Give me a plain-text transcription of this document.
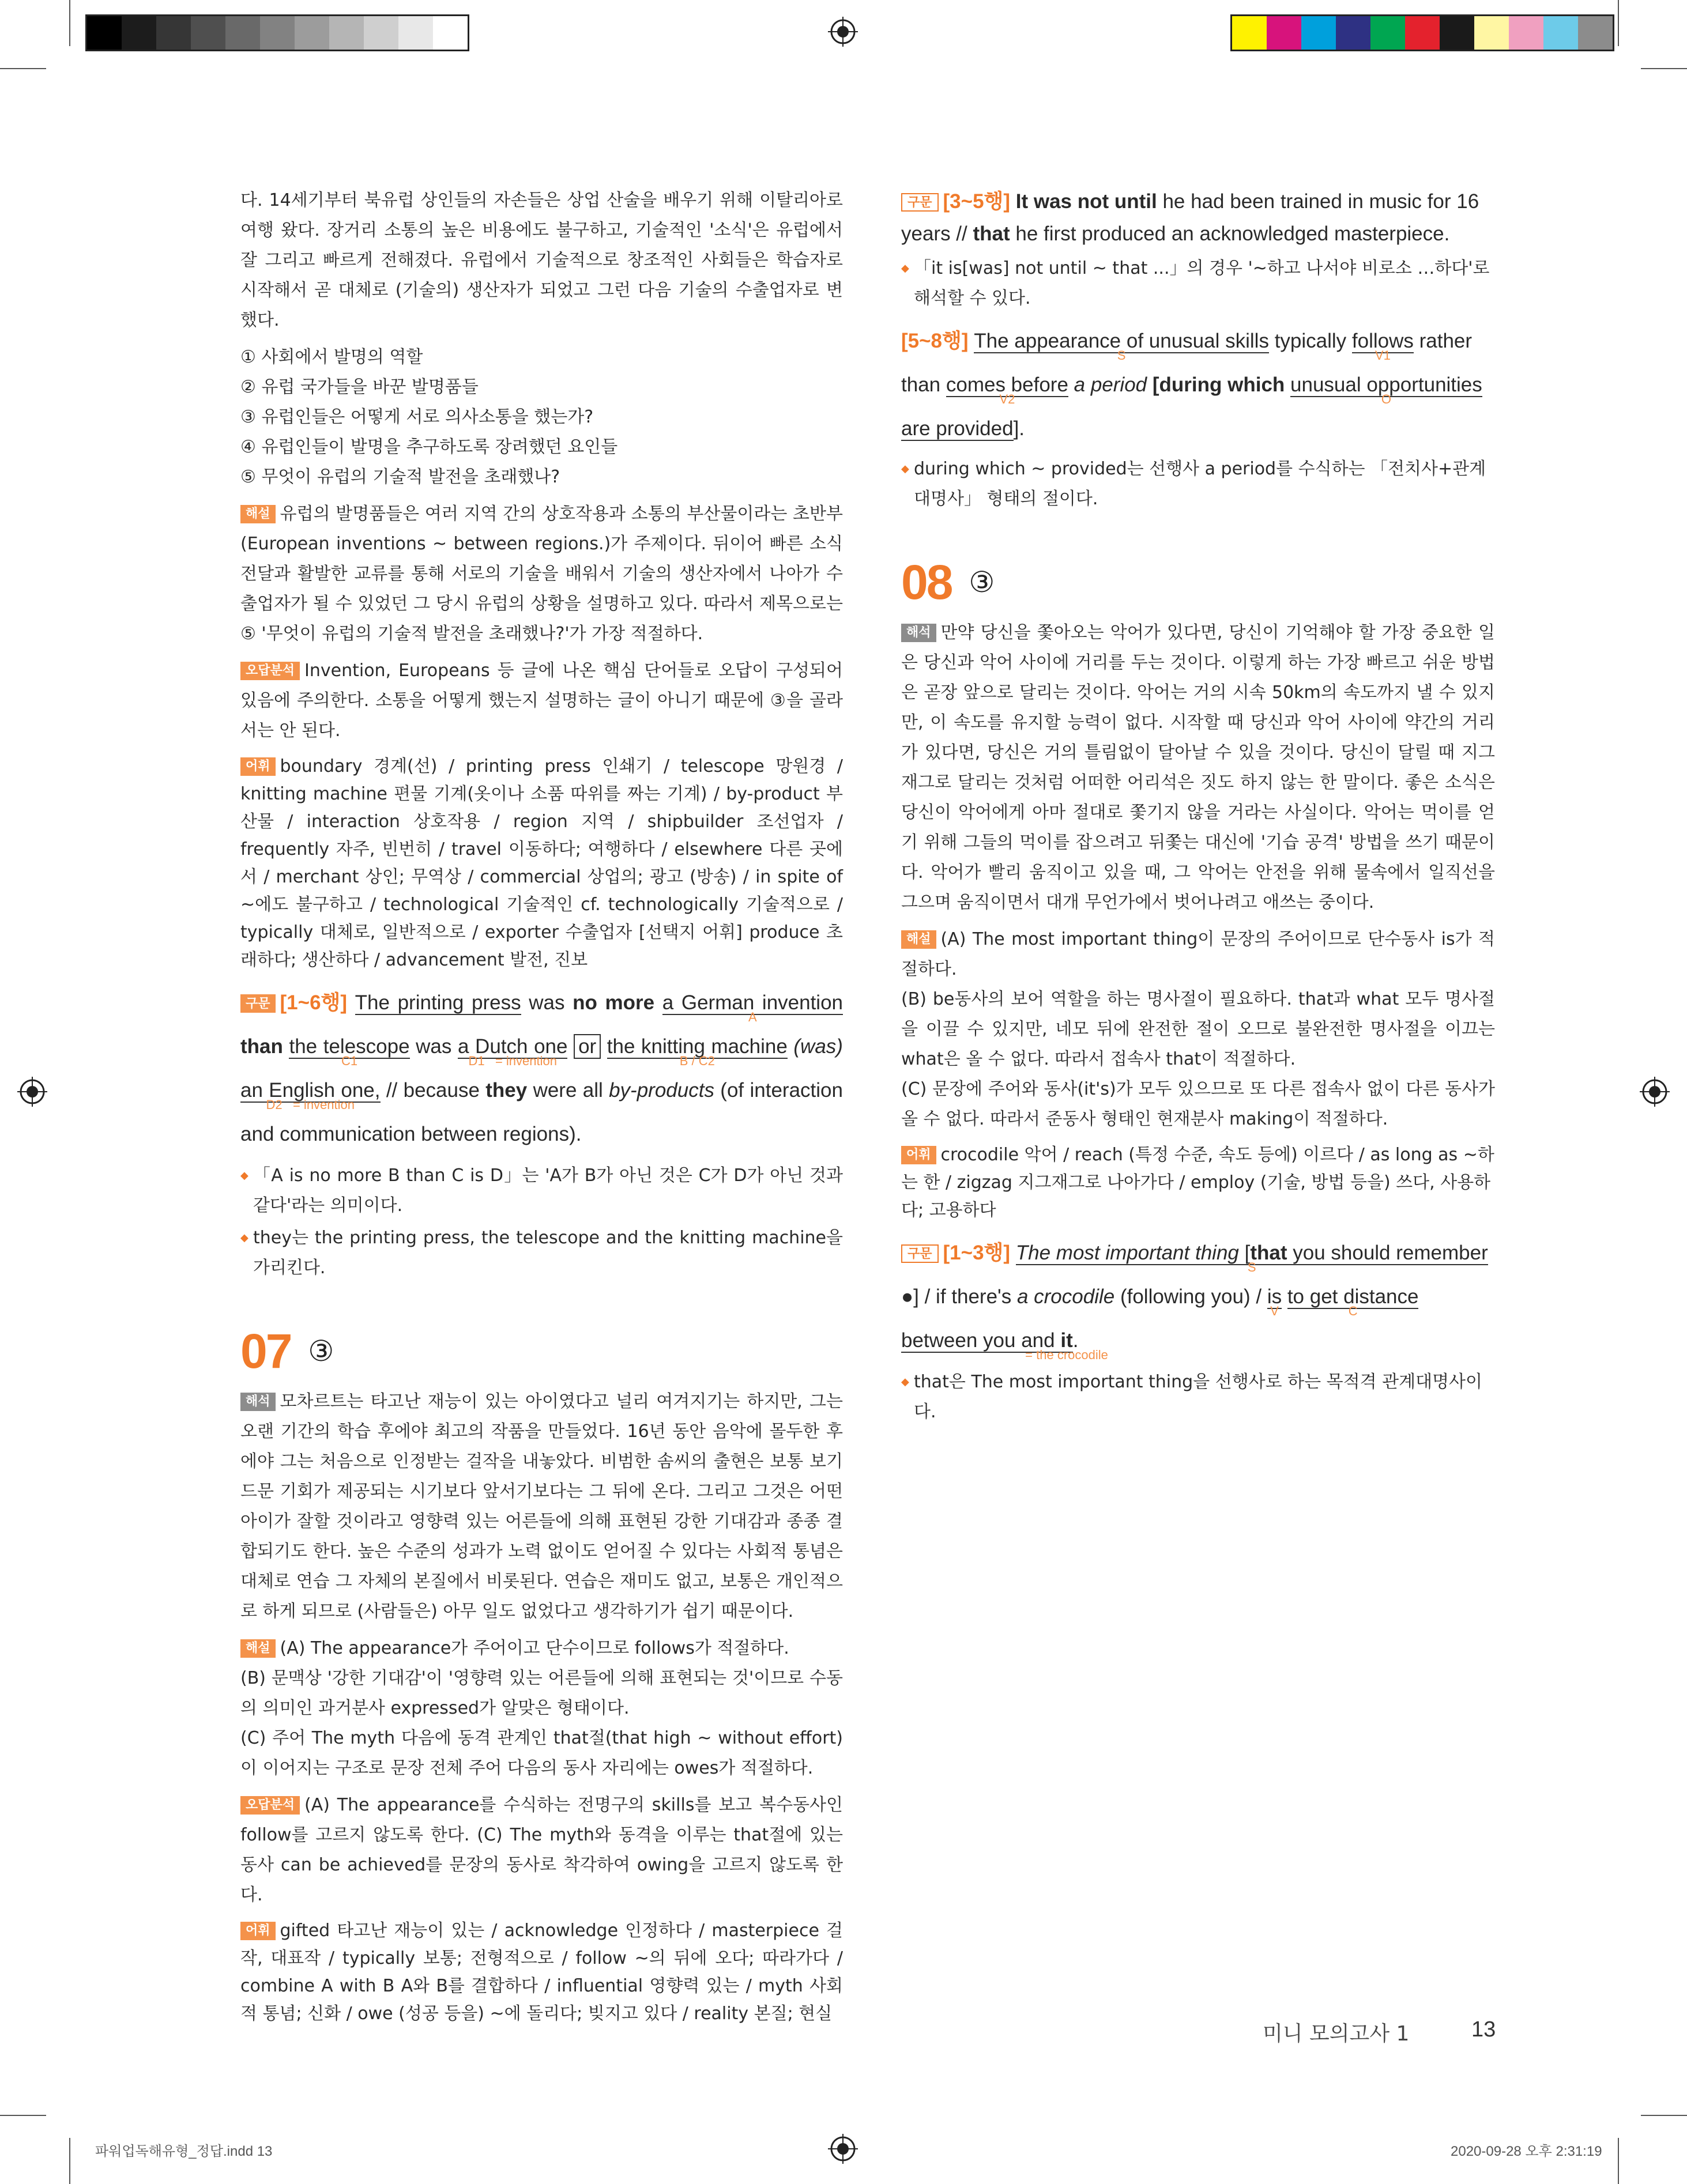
다. 14세기부터 북유럽 상인들의 자손들은 상업 산술을 배우기 위해 이탈리아로 여행 왔다. 장거리 소통의 높은 비용에도 불구하고, 기술적인 '소식'은 유럽에서 잘 그리고 빠르게 전해졌다. 유럽에서 기술적으로 창조적인 사회들은 학습자로 시작해서 곧 대체로 (기술의) 생산자가 되었고 그런 다음 기술의 수출업자로 변했다.

① 사회에서 발명의 역할

② 유럽 국가들을 바꾼 발명품들

③ 유럽인들은 어떻게 서로 의사소통을 했는가?

④ 유럽인들이 발명을 추구하도록 장려했던 요인들

⑤ 무엇이 유럽의 기술적 발전을 초래했나?

해설 유럽의 발명품들은 여러 지역 간의 상호작용과 소통의 부산물이라는 초반부(European inventions ~ between regions.)가 주제이다. 뒤이어 빠른 소식 전달과 활발한 교류를 통해 서로의 기술을 배워서 기술의 생산자에서 나아가 수출업자가 될 수 있었던 그 당시 유럽의 상황을 설명하고 있다. 따라서 제목으로는 ⑤ '무엇이 유럽의 기술적 발전을 초래했나?'가 가장 적절하다.

오답분석 Invention, Europeans 등 글에 나온 핵심 단어들로 오답이 구성되어 있음에 주의한다. 소통을 어떻게 했는지 설명하는 글이 아니기 때문에 ③을 골라서는 안 된다.

어휘 boundary 경계(선) / printing press 인쇄기 / telescope 망원경 / knitting machine 편물 기계(옷이나 소품 따위를 짜는 기계) / by-product 부산물 / interaction 상호작용 / region 지역 / shipbuilder 조선업자 / frequently 자주, 빈번히 / travel 이동하다; 여행하다 / elsewhere 다른 곳에서 / merchant 상인; 무역상 / commercial 상업의; 광고 (방송) / in spite of ~에도 불구하고 / technological 기술적인 cf. technologically 기술적으로 / typically 대체로, 일반적으로 / exporter 수출업자 [선택지 어휘] produce 초래하다; 생산하다 / advancement 발전, 진보

구문 [1~6행] The printing press was no more a German invention
A
than the telescope
C1
was a Dutch one
D1 = invention
or the knitting machine
B / C2
(was) an English one,
D2 = invention
// because they were all by-products (of interaction and communication between regions).

◆ 「A is no more B than C is D」는 'A가 B가 아닌 것은 C가 D가 아닌 것과 같다'라는 의미이다.

◆ they는 the printing press, the telescope and the knitting machine을 가리킨다.

07 ③

해석 모차르트는 타고난 재능이 있는 아이였다고 널리 여겨지기는 하지만, 그는 오랜 기간의 학습 후에야 최고의 작품을 만들었다. 16년 동안 음악에 몰두한 후에야 그는 처음으로 인정받는 걸작을 내놓았다. 비범한 솜씨의 출현은 보통 보기 드문 기회가 제공되는 시기보다 앞서기보다는 그 뒤에 온다. 그리고 그것은 어떤 아이가 잘할 것이라고 영향력 있는 어른들에 의해 표현된 강한 기대감과 종종 결합되기도 한다. 높은 수준의 성과가 노력 없이도 얻어질 수 있다는 사회적 통념은 대체로 연습 그 자체의 본질에서 비롯된다. 연습은 재미도 없고, 보통은 개인적으로 하게 되므로 (사람들은) 아무 일도 없었다고 생각하기가 쉽기 때문이다.

해설 (A) The appearance가 주어이고 단수이므로 follows가 적절하다.

(B) 문맥상 '강한 기대감'이 '영향력 있는 어른들에 의해 표현되는 것'이므로 수동의 의미인 과거분사 expressed가 알맞은 형태이다.

(C) 주어 The myth 다음에 동격 관계인 that절(that high ~ without effort)이 이어지는 구조로 문장 전체 주어 다음의 동사 자리에는 owes가 적절하다.

오답분석 (A) The appearance를 수식하는 전명구의 skills를 보고 복수동사인 follow를 고르지 않도록 한다. (C) The myth와 동격을 이루는 that절에 있는 동사 can be achieved를 문장의 동사로 착각하여 owing을 고르지 않도록 한다.

어휘 gifted 타고난 재능이 있는 / acknowledge 인정하다 / masterpiece 걸작, 대표작 / typically 보통; 전형적으로 / follow ~의 뒤에 오다; 따라가다 / combine A with B A와 B를 결합하다 / influential 영향력 있는 / myth 사회적 통념; 신화 / owe (성공 등을) ~에 돌리다; 빚지고 있다 / reality 본질; 현실

구문 [3~5행] It was not until he had been trained in music for 16 years // that he first produced an acknowledged masterpiece.

◆ 「it is[was] not until ~ that ...」의 경우 '~하고 나서야 비로소 …하다'로 해석할 수 있다.

[5~8행] The appearance of unusual skills
S
typically follows
V1
rather than comes before
V2
a period [during which unusual opportunities
O
are provided].

◆ during which ~ provided는 선행사 a period를 수식하는 「전치사+관계대명사」 형태의 절이다.

08 ③

해석 만약 당신을 쫓아오는 악어가 있다면, 당신이 기억해야 할 가장 중요한 일은 당신과 악어 사이에 거리를 두는 것이다. 이렇게 하는 가장 빠르고 쉬운 방법은 곧장 앞으로 달리는 것이다. 악어는 거의 시속 50km의 속도까지 낼 수 있지만, 이 속도를 유지할 능력이 없다. 시작할 때 당신과 악어 사이에 약간의 거리가 있다면, 당신은 거의 틀림없이 달아날 수 있을 것이다. 당신이 달릴 때 지그재그로 달리는 것처럼 어떠한 어리석은 짓도 하지 않는 한 말이다. 좋은 소식은 당신이 악어에게 아마 절대로 쫓기지 않을 거라는 사실이다. 악어는 먹이를 얻기 위해 그들의 먹이를 잡으려고 뒤쫓는 대신에 '기습 공격' 방법을 쓰기 때문이다. 악어가 빨리 움직이고 있을 때, 그 악어는 안전을 위해 물속에서 일직선을 그으며 움직이면서 대개 무언가에서 벗어나려고 애쓰는 중이다.

해설 (A) The most important thing이 문장의 주어이므로 단수동사 is가 적절하다.

(B) be동사의 보어 역할을 하는 명사절이 필요하다. that과 what 모두 명사절을 이끌 수 있지만, 네모 뒤에 완전한 절이 오므로 불완전한 명사절을 이끄는 what은 올 수 없다. 따라서 접속사 that이 적절하다.

(C) 문장에 주어와 동사(it's)가 모두 있으므로 또 다른 접속사 없이 다른 동사가 올 수 없다. 따라서 준동사 형태인 현재분사 making이 적절하다.

어휘 crocodile 악어 / reach (특정 수준, 속도 등에) 이르다 / as long as ~하는 한 / zigzag 지그재그로 나아가다 / employ (기술, 방법 등을) 쓰다, 사용하다; 고용하다

구문 [1~3행] The most important thing [that you should remember
S
●] / if there's a crocodile (following you) / is
V
to get distance
C
between you and it
= the crocodile
.

◆ that은 The most important thing을 선행사로 하는 목적격 관계대명사이다.

미니 모의고사 1	13
파워업독해유형_정답.indd 13	2020-09-28 오후 2:31:19
